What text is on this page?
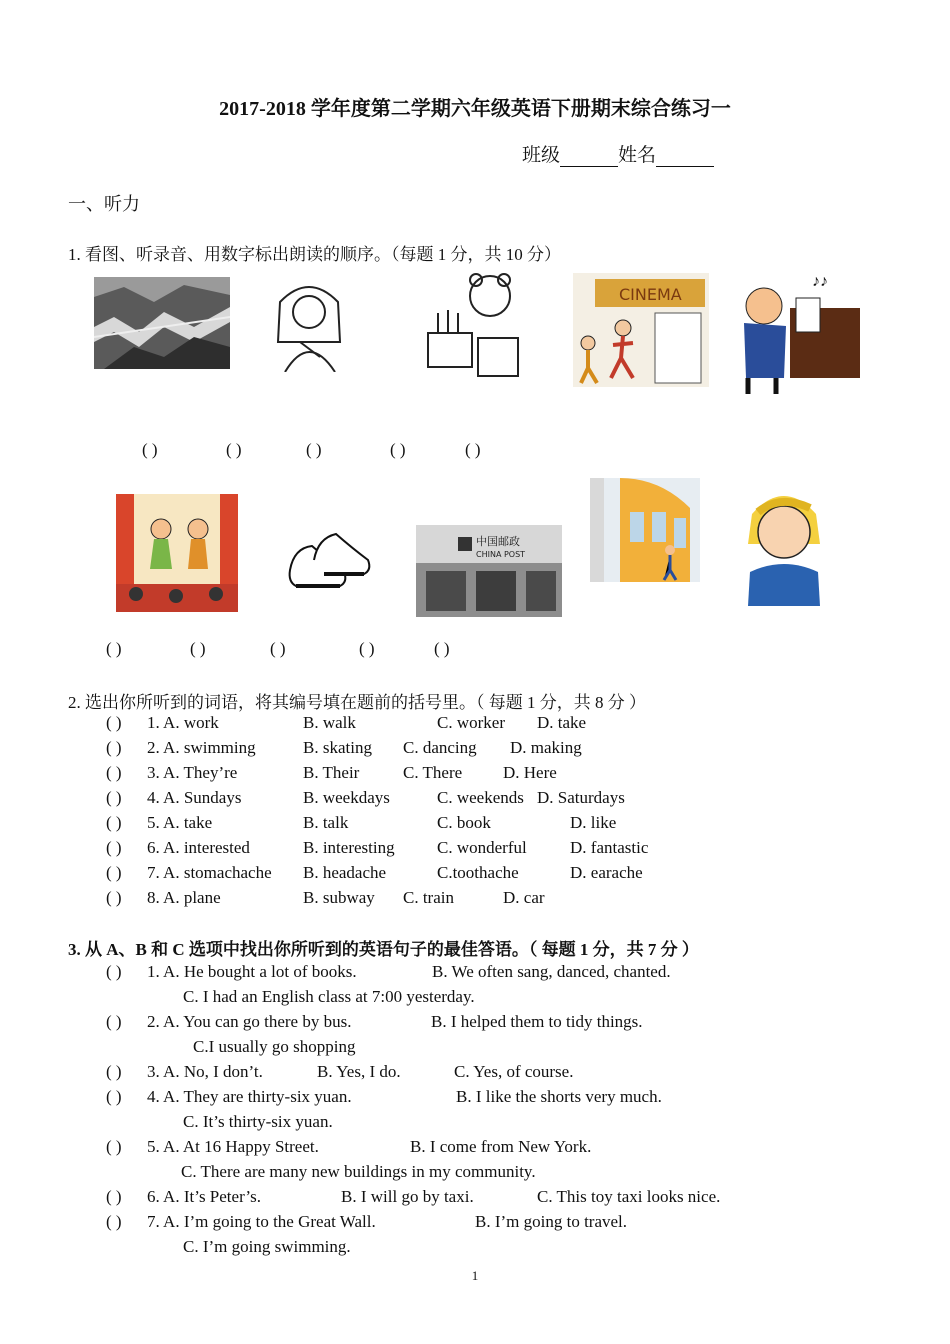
2017-2018 学年度第二学期六年级英语下册期末综合练习一
班级	姓名
一、听力
1. 看图、听录音、用数字标出朗读的顺序。（每题 1 分，共 10 分）
CINEMA
♪♪
( )	( )	( )	( )	( )
中国邮政
CHINA POST
( )	( )	( )	( )	( )
2. 选出你所听到的词语，将其编号填在题前的括号里。（ 每题 1 分，共 8 分 ）
( ) 1. A. work	B. walk	C. worker D. take
( ) 2. A. swimming	B. skating C. dancing D. making
( ) 3. A. They’re	B. Their	C. There D. Here
( ) 4. A. Sundays	B. weekdays	C. weekends D. Saturdays
( ) 5. A. take	B. talk	C. book	D. like
( ) 6. A. interested	B. interesting C. wonderful	D. fantastic
( ) 7. A. stomachache B. headache	C.toothache	D. earache
( ) 8. A. plane	B. subway C. train	D. car
3. 从 A、B 和 C 选项中找出你所听到的英语句子的最佳答语。（ 每题 1 分，共 7 分 ）
( ) 1. A. He bought a lot of books.	B. We often sang, danced, chanted.
C. I had an English class at 7:00 yesterday.
( ) 2. A. You can go there by bus.	B. I helped them to tidy things.
C.I usually go shopping
( ) 3. A. No, I don’t.	B. Yes, I do.	C. Yes, of course.
( ) 4. A. They are thirty-six yuan.	B. I like the shorts very much.
C. It’s thirty-six yuan.
( ) 5. A. At 16 Happy Street.	B. I come from New York.
C. There are many new buildings in my community.
( ) 6. A. It’s Peter’s.	B. I will go by taxi.	C. This toy taxi looks nice.
( ) 7. A. I’m going to the Great Wall.	B. I’m going to travel.
C. I’m going swimming.
1
